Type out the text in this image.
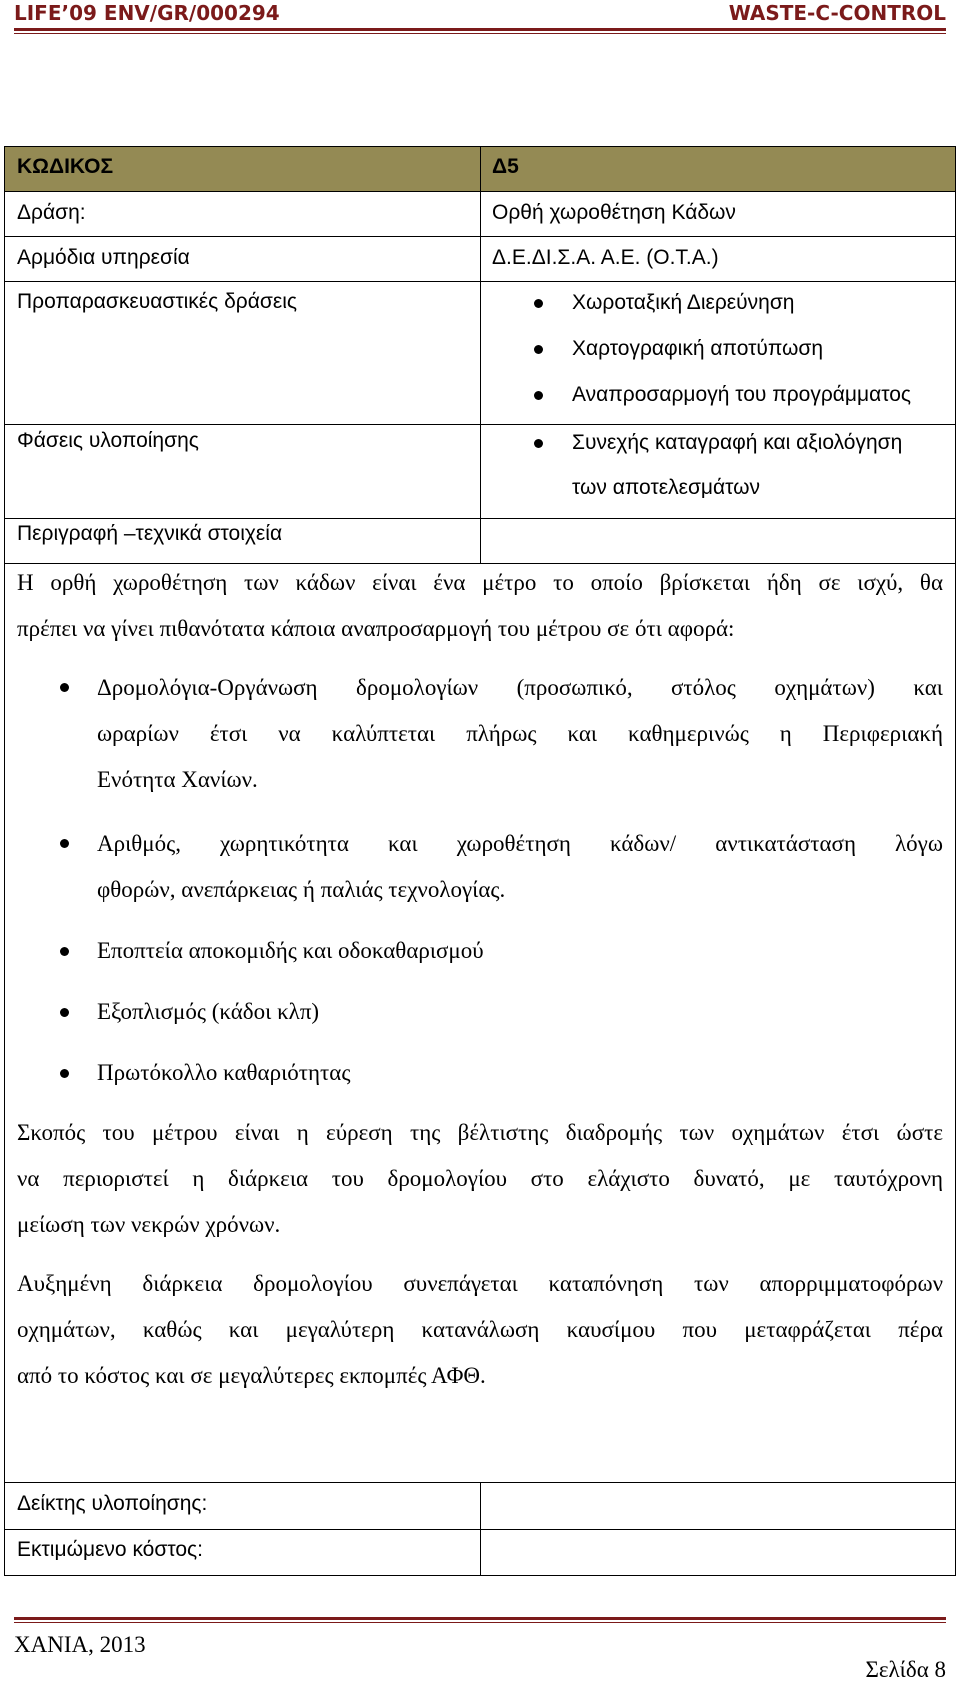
LIFE’09 ENV/GR/000294	WASTE-C-CONTROL
ΚΩΔΙΚΟΣ	Δ5
Δράση:	Ορθή χωροθέτηση Κάδων
Αρμόδια υπηρεσία	Δ.Ε.ΔΙ.Σ.Α. Α.Ε. (Ο.Τ.Α.)
Προπαρασκευαστικές δράσεις	Χωροταξική Διερεύνηση
Χαρτογραφική αποτύπωση
Αναπροσαρμογή του προγράμματος
Φάσεις υλοποίησης	Συνεχής καταγραφή και αξιολόγηση
των αποτελεσμάτων
Περιγραφή –τεχνικά στοιχεία
Η ορθή χωροθέτηση των κάδων είναι ένα μέτρο το οποίο βρίσκεται ήδη σε ισχύ, θα
πρέπει να γίνει πιθανότατα κάποια αναπροσαρμογή του μέτρου σε ότι αφορά:
Δρομολόγια-Οργάνωση δρομολογίων (προσωπικό, στόλος οχημάτων) και
ωραρίων έτσι να καλύπτεται πλήρως και καθημερινώς η Περιφεριακή
Ενότητα Χανίων.
Αριθμός, χωρητικότητα και χωροθέτηση κάδων/ αντικατάσταση λόγω
φθορών, ανεπάρκειας ή παλιάς τεχνολογίας.
Εποπτεία αποκομιδής και οδοκαθαρισμού
Εξοπλισμός (κάδοι κλπ)
Πρωτόκολλο καθαριότητας
Σκοπός του μέτρου είναι η εύρεση της βέλτιστης διαδρομής των οχημάτων έτσι ώστε
να περιοριστεί η διάρκεια του δρομολογίου στο ελάχιστο δυνατό, με ταυτόχρονη
μείωση των νεκρών χρόνων.
Αυξημένη διάρκεια δρομολογίου συνεπάγεται καταπόνηση των απορριμματοφόρων
οχημάτων, καθώς και μεγαλύτερη κατανάλωση καυσίμου που μεταφράζεται πέρα
από το κόστος και σε μεγαλύτερες εκπομπές ΑΦΘ.
Δείκτης υλοποίησης:
Εκτιμώμενο κόστος:
ΧΑΝΙΑ, 2013
Σελίδα 8
